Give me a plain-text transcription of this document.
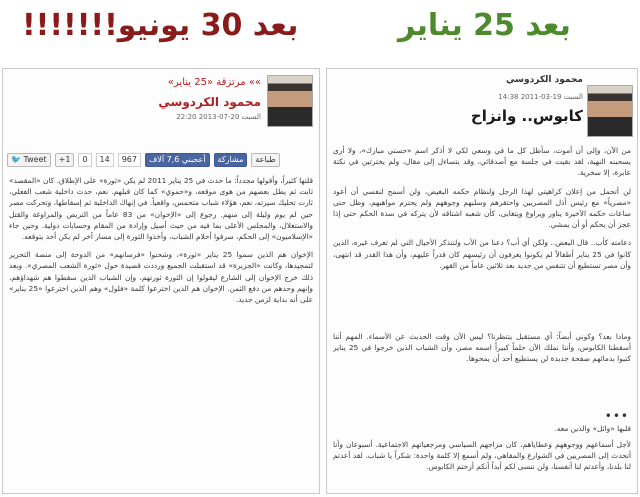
بعد 30 يونيو!!!!!!!	بعد 25 يناير
»» مرتزقة «25 يناير»
محمود الكردوسي
السبت 20-07-2013 22:20
🐦 Tweet	+1	0	14	967	أعجبني 7,6 آلاف	مشاركة	طباعة

قلتها كثيراً، وأقولها مجدداً: ما حدث في 25 يناير 2011 لم يكن «ثورة» على الإطلاق. كان «المقصد» ثابت ثم يطل بعضهم من هوى موقعه، و«حموي» كما كان قبلهم. نعم، حدث داخلية شعب الفعلي، ثارت تحليك سيرته، نعم، هؤلاء شباب متحمس، واقعياً. في إنهاك الداخلية ثم إسقاطها، وتحركت مصر حين لم يوم وليلة إلى منهم. رجوع إلى «الإخوان» من 83 عاماً من التربص والمراوغة والقتل والاستغلال، والمجلس الأعلى بما فيه من حيث أصيل وإرادة من المقام وحسابات دولية. وحين جاء «الإسلاميون» إلى الحكم، سرقوا أحلام الشباب، وأخذوا الثورة إلى مسار آخر لم يكن أحد يتوقعه.

الإخوان هم الذين سموا 25 يناير «ثورة»، وشحنوا «فرسانهم» من الدوحة إلى منصة التحرير لتمجيدها، وكانت «الجزيرة» قد استقبلت الجميع ورددت قصيدة حول «ثورة الشعب المصري». وبعد ذلك خرج الإخوان إلى الشارع ليقولوا إن الثورة ثورتهم، وإن الشباب الذين سقطوا هم شهداؤهم، وإنهم وحدهم من دفع الثمن. الإخوان هم الذين اخترعوا كلمة «فلول» وهم الذين اخترعوا «25 يناير» على أنه بداية لزمن جديد.

محمود الكردوسي
السبت 19-03-2011 14:38
كابوس.. وانزاح

من الآن، وإلى أن أموت، سأظل كل ما في وسعي لكي لا أذكر اسم «حسني مبارك»، ولا أرى يسحبنه النهية، لقد بقيت في جلسة مع أصدقائي، وقد يتساءل إلى مقال، ولم يخترتين في نكتة عابرة، إلا سخرية.

لن أتحمل من إعلان كراهيتي لهذا الرجل ولنظام حكمه البغيض، ولن أسمح لنفسي أن أعود «مصرياً» مع رئيس أذل المصريين واحتقرهم وسلبهم وجوههم ولم يحترم مواهبهم، وظل حتى ساعات حكمه الأخيرة يناور ويراوغ ويتغابى، كأن شعبه اشتاقه لأن يتركه في سدة الحكم حتى إذا عجز أن يحكم أو أن يمشي.

دعامته كأب.. قال البعض.. ولكن أي أب؟ دعنا من الأب ولنتذكر الأجيال التي لم تعرف غيره، الذين كانوا في 25 يناير أطفالاً لم يكونوا يعرفون أن رئيسهم كان قدراً عليهم، وأن هذا القدر قد انتهى، وأن مصر تستطيع أن تتنفس من جديد بعد ثلاثين عاماً من القهر.

ومادا بعد؟ وكوني أيضاً: أي مستقبل ينتظرنا؟ ليس الآن وقت الحديث عن الأسماء. المهم أننا أسقطنا الكابوس، وأننا نملك الآن حلماً كبيراً اسمه مصر، وأن الشباب الذين خرجوا في 25 يناير كتبوا بدمائهم صفحة جديدة لن يستطيع أحد أن يمحوها.

•••

قلبها «وائل» والذين معه.

لأجل أسماعهم ووجوههم وعطاياهم، كان مزاجهم السياسي ومرجعياتهم الاجتماعية. أسبوعان وأنا أتحدث إلى المصريين في الشوارع والمقاهي، ولم أسمع إلا كلمة واحدة: شكراً يا شباب. لقد أعدتم لنا بلدنا، وأعدتم لنا أنفسنا، ولن ننسى لكم أبداً أنكم أزحتم الكابوس.
